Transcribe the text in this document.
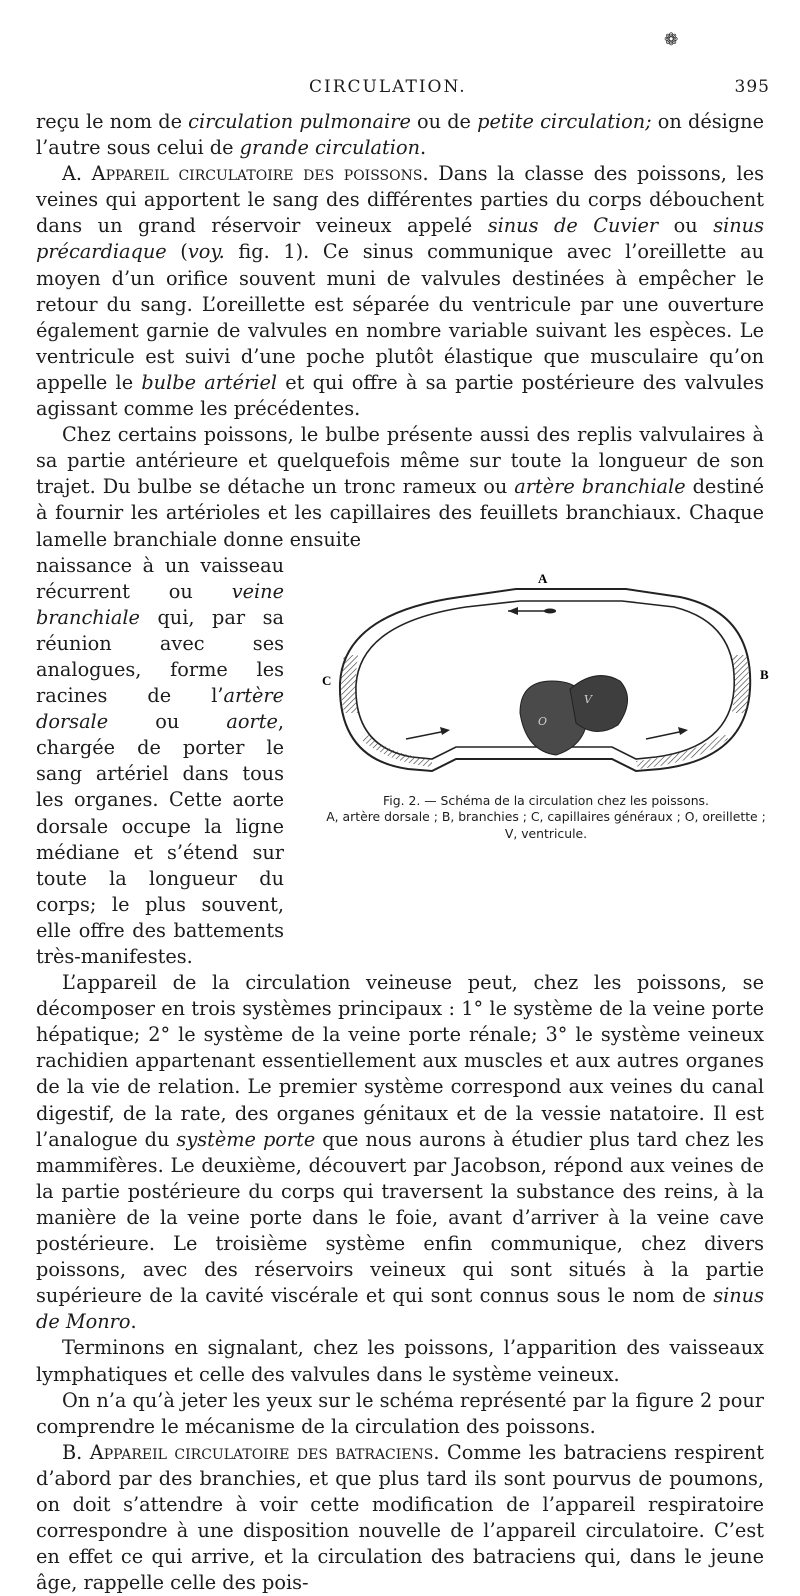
❁
CIRCULATION.	395

reçu le nom de circulation pulmonaire ou de petite circulation; on désigne l’autre sous celui de grande circulation.

A. Appareil circulatoire des poissons. Dans la classe des poissons, les veines qui apportent le sang des différentes parties du corps débouchent dans un grand réservoir veineux appelé sinus de Cuvier ou sinus précardiaque (voy. fig. 1). Ce sinus communique avec l’oreillette au moyen d’un orifice souvent muni de valvules destinées à empêcher le retour du sang. L’oreillette est séparée du ventricule par une ouverture également garnie de valvules en nombre variable suivant les espèces. Le ventricule est suivi d’une poche plutôt élastique que musculaire qu’on appelle le bulbe artériel et qui offre à sa partie postérieure des valvules agissant comme les précédentes.

Chez certains poissons, le bulbe présente aussi des replis valvulaires à sa partie antérieure et quelquefois même sur toute la longueur de son trajet. Du bulbe se détache un tronc rameux ou artère branchiale destiné à fournir les artérioles et les capillaires des feuillets branchiaux. Chaque lamelle branchiale donne ensuite

naissance à un vaisseau récurrent ou veine branchiale qui, par sa réunion avec ses analogues, forme les racines de l’artère dorsale ou aorte, chargée de porter le sang artériel dans tous les organes. Cette aorte dorsale occupe la ligne médiane et s’étend sur toute la longueur du corps; le plus souvent, elle offre des battements très-manifestes.

A
C	B
O
V
Fig. 2. — Schéma de la circulation chez les poissons.
A, artère dorsale ; B, branchies ; C, capillaires généraux ; O, oreillette ; V, ventricule.

L’appareil de la circulation veineuse peut, chez les poissons, se décomposer en trois systèmes principaux : 1° le système de la veine porte hépatique; 2° le système de la veine porte rénale; 3° le système veineux rachidien appartenant essentiellement aux muscles et aux autres organes de la vie de relation. Le premier système correspond aux veines du canal digestif, de la rate, des organes génitaux et de la vessie natatoire. Il est l’analogue du système porte que nous aurons à étudier plus tard chez les mammifères. Le deuxième, découvert par Jacobson, répond aux veines de la partie postérieure du corps qui traversent la substance des reins, à la manière de la veine porte dans le foie, avant d’arriver à la veine cave postérieure. Le troisième système enfin communique, chez divers poissons, avec des réservoirs veineux qui sont situés à la partie supérieure de la cavité viscérale et qui sont connus sous le nom de sinus de Monro.

Terminons en signalant, chez les poissons, l’apparition des vaisseaux lymphatiques et celle des valvules dans le système veineux.

On n’a qu’à jeter les yeux sur le schéma représenté par la figure 2 pour comprendre le mécanisme de la circulation des poissons.

B. Appareil circulatoire des batraciens. Comme les batraciens respirent d’abord par des branchies, et que plus tard ils sont pourvus de poumons, on doit s’attendre à voir cette modification de l’appareil respiratoire correspondre à une disposition nouvelle de l’appareil circulatoire. C’est en effet ce qui arrive, et la circulation des batraciens qui, dans le jeune âge, rappelle celle des pois-
